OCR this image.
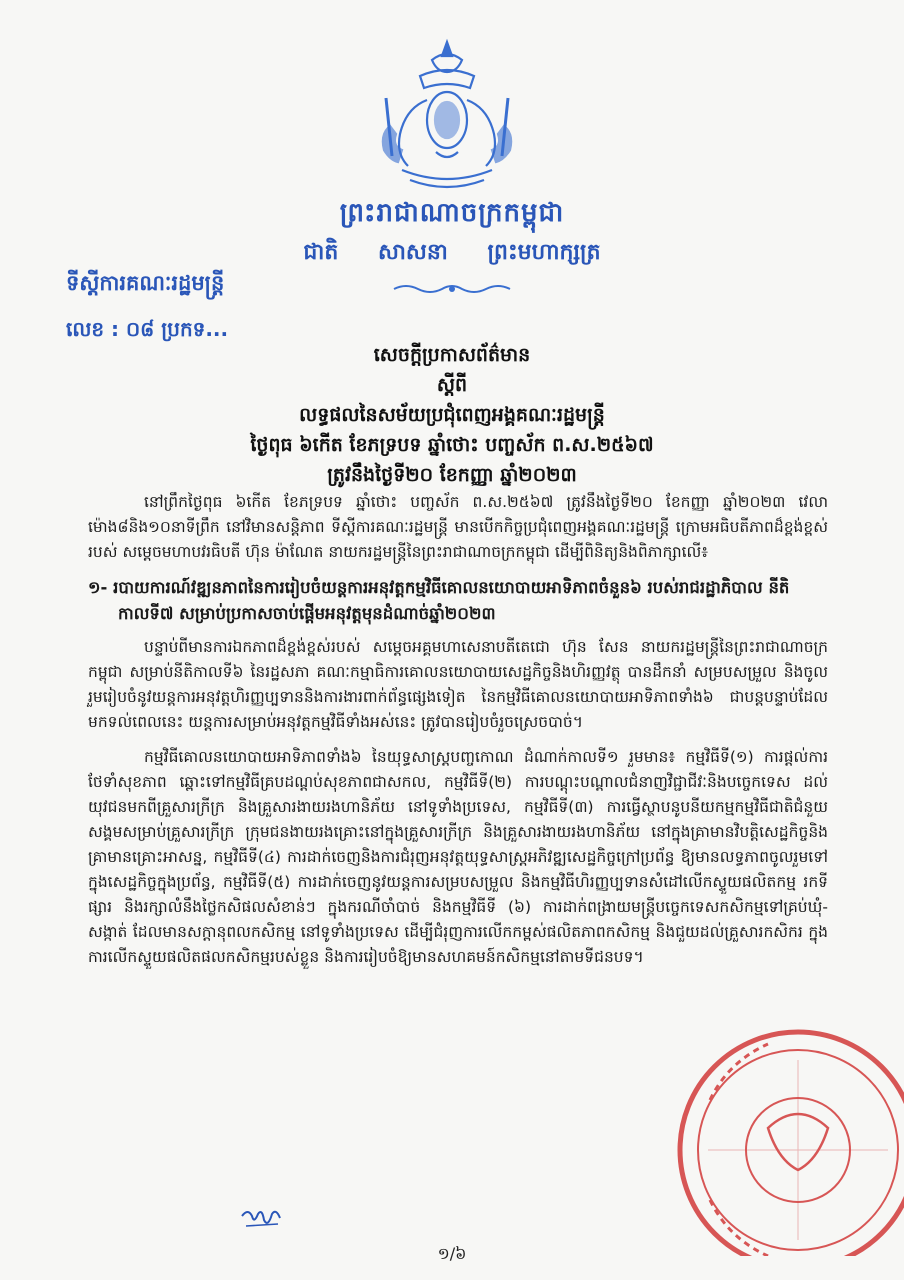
ព្រះរាជាណាចក្រកម្ពុជា
ជាតិ សាសនា ព្រះមហាក្សត្រ
ទីស្ដីការគណៈរដ្ឋមន្ត្រី
លេខ : ០៨ ប្រកទ...
សេចក្ដីប្រកាសព័ត៌មាន
ស្ដីពី
លទ្ធផលនៃសម័យប្រជុំពេញអង្គគណៈរដ្ឋមន្ត្រី
ថ្ងៃពុធ ៦កើត ខែភទ្របទ ឆ្នាំថោះ បញ្ចស័ក ព.ស.២៥៦៧
ត្រូវនឹងថ្ងៃទី២០ ខែកញ្ញា ឆ្នាំ២០២៣

នៅព្រឹកថ្ងៃពុធ ៦កើត ខែភទ្របទ ឆ្នាំថោះ បញ្ចស័ក ព.ស.២៥៦៧ ត្រូវនឹងថ្ងៃទី២០ ខែកញ្ញា ឆ្នាំ២០២៣ វេលាម៉ោង៨និង១០នាទីព្រឹក នៅវិមានសន្តិភាព ទីស្ដីការគណៈរដ្ឋមន្ត្រី មានបើកកិច្ចប្រជុំពេញអង្គគណៈរដ្ឋមន្ត្រី ក្រោមអធិបតីភាពដ៏ខ្ពង់ខ្ពស់របស់ សម្ដេចមហាបវរធិបតី ហ៊ុន ម៉ាណែត នាយករដ្ឋមន្ត្រីនៃព្រះរាជាណាចក្រកម្ពុជា ដើម្បីពិនិត្យនិងពិភាក្សាលើ៖

១- របាយការណ៍វឌ្ឍនភាពនៃការរៀបចំយន្តការអនុវត្តកម្មវិធីគោលនយោបាយអាទិភាពចំនួន៦ របស់រាជរដ្ឋាភិបាល នីតិកាលទី៧ សម្រាប់ប្រកាសចាប់ផ្ដើមអនុវត្តមុនដំណាច់ឆ្នាំ២០២៣

បន្ទាប់ពីមានការឯកភាពដ៏ខ្ពង់ខ្ពស់របស់ សម្ដេចអគ្គមហាសេនាបតីតេជោ ហ៊ុន សែន នាយករដ្ឋមន្ត្រីនៃព្រះរាជាណាចក្រកម្ពុជា សម្រាប់នីតិកាលទី៦ នៃរដ្ឋសភា គណៈកម្មាធិការគោលនយោបាយសេដ្ឋកិច្ចនិងហិរញ្ញវត្ថុ បានដឹកនាំ សម្របសម្រួល និងចូលរួមរៀបចំនូវយន្តការអនុវត្តហិរញ្ញប្បទាននិងការងារពាក់ព័ន្ធផ្សេងទៀត នៃកម្មវិធីគោលនយោបាយអាទិភាពទាំង៦ ជាបន្តបន្ទាប់ដែលមកទល់ពេលនេះ យន្តការសម្រាប់អនុវត្តកម្មវិធីទាំងអស់នេះ ត្រូវបានរៀបចំរួចស្រេចបាច់។

កម្មវិធីគោលនយោបាយអាទិភាពទាំង៦ នៃយុទ្ធសាស្ត្របញ្ចកោណ ដំណាក់កាលទី១ រួមមាន៖ កម្មវិធីទី(១) ការផ្ដល់ការថែទាំសុខភាព ឆ្ពោះទៅកម្មវិធីគ្របដណ្ដប់សុខភាពជាសកល, កម្មវិធីទី(២) ការបណ្ដុះបណ្ដាលជំនាញវិជ្ជាជីវៈនិងបច្ចេកទេស ដល់យុវជនមកពីគ្រួសារក្រីក្រ និងគ្រួសារងាយរងហានិភ័យ នៅទូទាំងប្រទេស, កម្មវិធីទី(៣) ការធ្វើស្ថាបនូបនីយកម្មកម្មវិធីជាតិជំនួយសង្គមសម្រាប់គ្រួសារក្រីក្រ ក្រុមជនងាយរងគ្រោះនៅក្នុងគ្រួសារក្រីក្រ និងគ្រួសារងាយរងហានិភ័យ នៅក្នុងគ្រាមានវិបត្តិសេដ្ឋកិច្ចនិងគ្រាមានគ្រោះអាសន្ន, កម្មវិធីទី(៤) ការដាក់ចេញនិងការជំរុញអនុវត្តយុទ្ធសាស្ត្រអភិវឌ្ឍសេដ្ឋកិច្ចក្រៅប្រព័ន្ធ ឱ្យមានលទ្ធភាពចូលរួមទៅក្នុងសេដ្ឋកិច្ចក្នុងប្រព័ន្ធ, កម្មវិធីទី(៥) ការដាក់ចេញនូវយន្តការសម្របសម្រួល និងកម្មវិធីហិរញ្ញប្បទានសំដៅលើកស្ទួយផលិតកម្ម រកទីផ្សារ និងរក្សាលំនឹងថ្លៃកសិផលសំខាន់ៗ ក្នុងករណីចាំបាច់ និងកម្មវិធីទី (៦) ការដាក់ពង្រាយមន្ត្រីបច្ចេកទេសកសិកម្មទៅគ្រប់ឃុំ-សង្កាត់ ដែលមានសក្ដានុពលកសិកម្ម នៅទូទាំងប្រទេស ដើម្បីជំរុញការលើកកម្ពស់ផលិតភាពកសិកម្ម និងជួយដល់គ្រួសារកសិករ ក្នុងការលើកស្ទួយផលិតផលកសិកម្មរបស់ខ្លួន និងការរៀបចំឱ្យមានសហគមន៍កសិកម្មនៅតាមទីជនបទ។

១/៦
